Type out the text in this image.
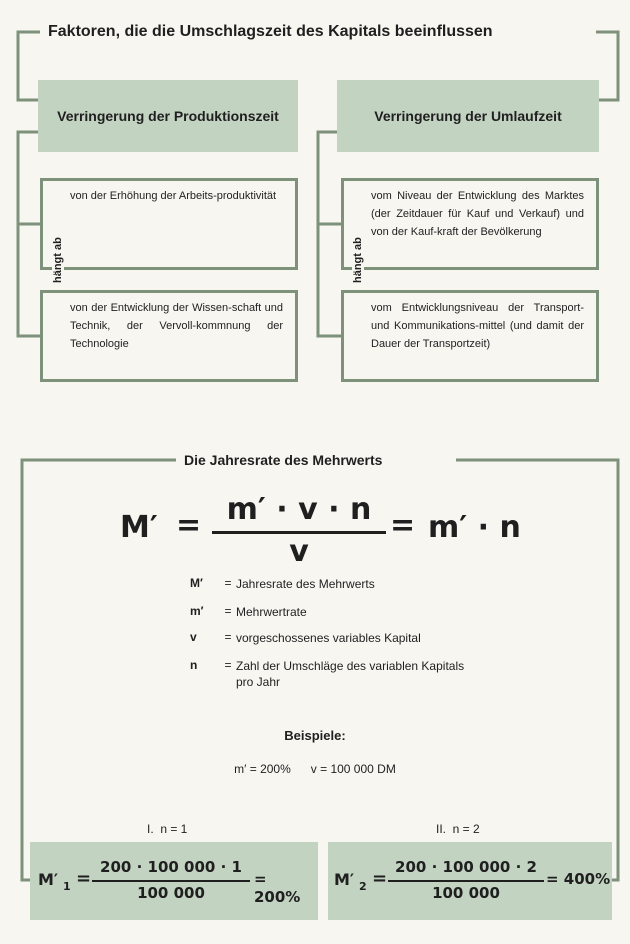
Faktoren, die die Umschlagszeit des Kapitals beeinflussen
Verringerung der Produktionszeit	Verringerung der Umlaufzeit
von der Erhöhung der Arbeits-produktivität
von der Entwicklung der Wissen-schaft und Technik, der Vervoll-kommnung der Technologie
vom Niveau der Entwicklung des Marktes (der Zeitdauer für Kauf und Verkauf) und von der Kauf-kraft der Bevölkerung
vom Entwicklungsniveau der Transport- und Kommunikations-mittel (und damit der Dauer der Transportzeit)
hängt ab	hängt ab
Die Jahresrate des Mehrwerts
M′ = m′ · v · n
v
= m′ · n
M′	= Jahresrate des Mehrwerts
m′	= Mehrwertrate
v	= vorgeschossenes variables Kapital
n	= Zahl der Umschläge des variablen Kapitals pro Jahr
Beispiele:
m′ = 200%      v = 100 000 DM
I.  n = 1	II.  n = 2
M′ 1 =
200 · 100 000 · 1
100 000
= 200%
M′ 2 =
200 · 100 000 · 2
100 000
= 400%
